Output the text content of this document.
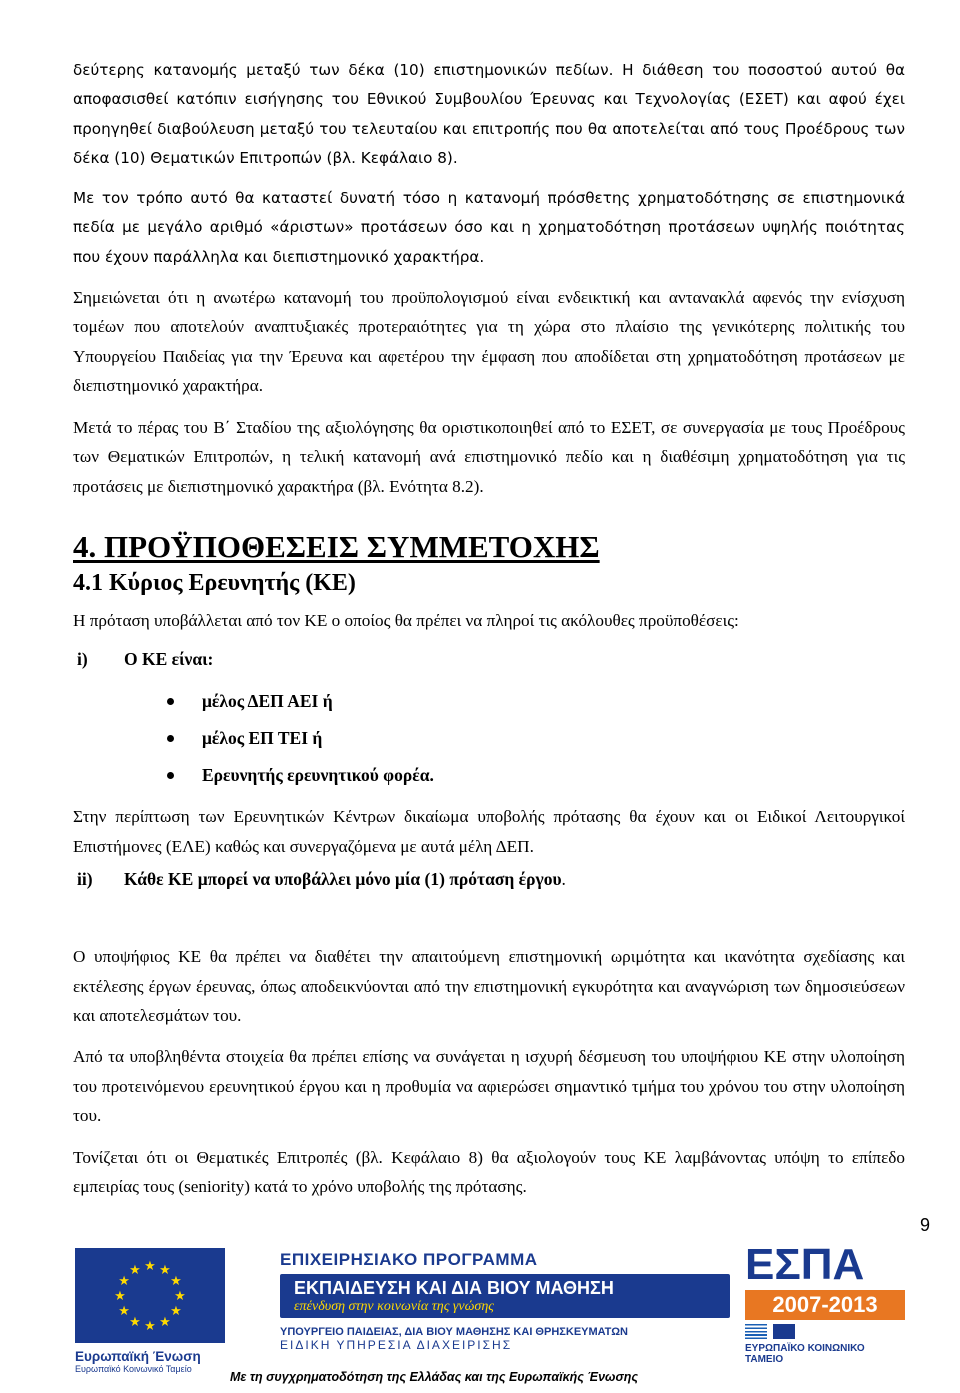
δεύτερης κατανομής μεταξύ των δέκα (10) επιστημονικών πεδίων. Η διάθεση του ποσοστού αυτού θα αποφασισθεί κατόπιν εισήγησης του Εθνικού Συμβουλίου Έρευνας και Τεχνολογίας (ΕΣΕΤ) και αφού έχει προηγηθεί διαβούλευση μεταξύ του τελευταίου και επιτροπής που θα αποτελείται από τους Προέδρους των δέκα (10) Θεματικών Επιτροπών (βλ. Κεφάλαιο 8).

Με τον τρόπο αυτό θα καταστεί δυνατή τόσο η κατανομή πρόσθετης χρηματοδότησης σε επιστημονικά πεδία με μεγάλο αριθμό «άριστων» προτάσεων όσο και η χρηματοδότηση προτάσεων υψηλής ποιότητας που έχουν παράλληλα και διεπιστημονικό χαρακτήρα.

Σημειώνεται ότι η ανωτέρω κατανομή του προϋπολογισμού είναι ενδεικτική και αντανακλά αφενός την ενίσχυση τομέων που αποτελούν αναπτυξιακές προτεραιότητες για τη χώρα στο πλαίσιο της γενικότερης πολιτικής του Υπουργείου Παιδείας για την Έρευνα και αφετέρου την έμφαση που αποδίδεται στη χρηματοδότηση προτάσεων με διεπιστημονικό χαρακτήρα.

Μετά το πέρας του Β΄ Σταδίου της αξιολόγησης θα οριστικοποιηθεί από το ΕΣΕΤ, σε συνεργασία με τους Προέδρους των Θεματικών Επιτροπών, η τελική κατανομή ανά επιστημονικό πεδίο και η διαθέσιμη χρηματοδότηση για τις προτάσεις με διεπιστημονικό χαρακτήρα (βλ. Ενότητα 8.2).

4. ΠΡΟΫΠΟΘΕΣΕΙΣ ΣΥΜΜΕΤΟΧΗΣ
4.1 Κύριος Ερευνητής (ΚΕ)

Η πρόταση υποβάλλεται από τον ΚΕ ο οποίος θα πρέπει να πληροί τις ακόλουθες προϋποθέσεις:

i)	Ο ΚΕ είναι:
μέλος ΔΕΠ ΑΕΙ ή
μέλος ΕΠ ΤΕΙ ή
Ερευνητής ερευνητικού φορέα.

Στην περίπτωση των Ερευνητικών Κέντρων δικαίωμα υποβολής πρότασης θα έχουν και οι Ειδικοί Λειτουργικοί Επιστήμονες (ΕΛΕ) καθώς και συνεργαζόμενα με αυτά μέλη ΔΕΠ.

ii) Κάθε ΚΕ μπορεί να υποβάλλει μόνο μία (1) πρόταση έργου.

Ο υποψήφιος ΚΕ θα πρέπει να διαθέτει την απαιτούμενη επιστημονική ωριμότητα και ικανότητα σχεδίασης και εκτέλεσης έργων έρευνας, όπως αποδεικνύονται από την επιστημονική εγκυρότητα και αναγνώριση των δημοσιεύσεων και αποτελεσμάτων του.

Από τα υποβληθέντα στοιχεία θα πρέπει επίσης να συνάγεται η ισχυρή δέσμευση του υποψήφιου ΚΕ στην υλοποίηση του προτεινόμενου ερευνητικού έργου και η προθυμία να αφιερώσει σημαντικό τμήμα του χρόνου του στην υλοποίηση του.

Τονίζεται ότι οι Θεματικές Επιτροπές (βλ. Κεφάλαιο 8) θα αξιολογούν τους ΚΕ λαμβάνοντας υπόψη το επίπεδο εμπειρίας τους (seniority) κατά το χρόνο υποβολής της πρότασης.

9
★ ★
★
★
★
★
★
★
★
★
★
★
Ευρωπαϊκή Ένωση
Ευρωπαϊκό Κοινωνικό Ταμείο
ΕΠΙΧΕΙΡΗΣΙΑΚΟ ΠΡΟΓΡΑΜΜΑ
ΕΚΠΑΙΔΕΥΣΗ ΚΑΙ ΔΙΑ ΒΙΟΥ ΜΑΘΗΣΗ
επένδυση στην κοινωνία της γνώσης
ΥΠΟΥΡΓΕΙΟ ΠΑΙΔΕΙΑΣ, ΔΙΑ ΒΙΟΥ ΜΑΘΗΣΗΣ ΚΑΙ ΘΡΗΣΚΕΥΜΑΤΩΝ
ΕΙΔΙΚΗ ΥΠΗΡΕΣΙΑ ΔΙΑΧΕΙΡΙΣΗΣ
ΕΣΠΑ
2007-2013
ΕΥΡΩΠΑΪΚΟ ΚΟΙΝΩΝΙΚΟ ΤΑΜΕΙΟ
Με τη συγχρηματοδότηση της Ελλάδας και της Ευρωπαϊκής Ένωσης
